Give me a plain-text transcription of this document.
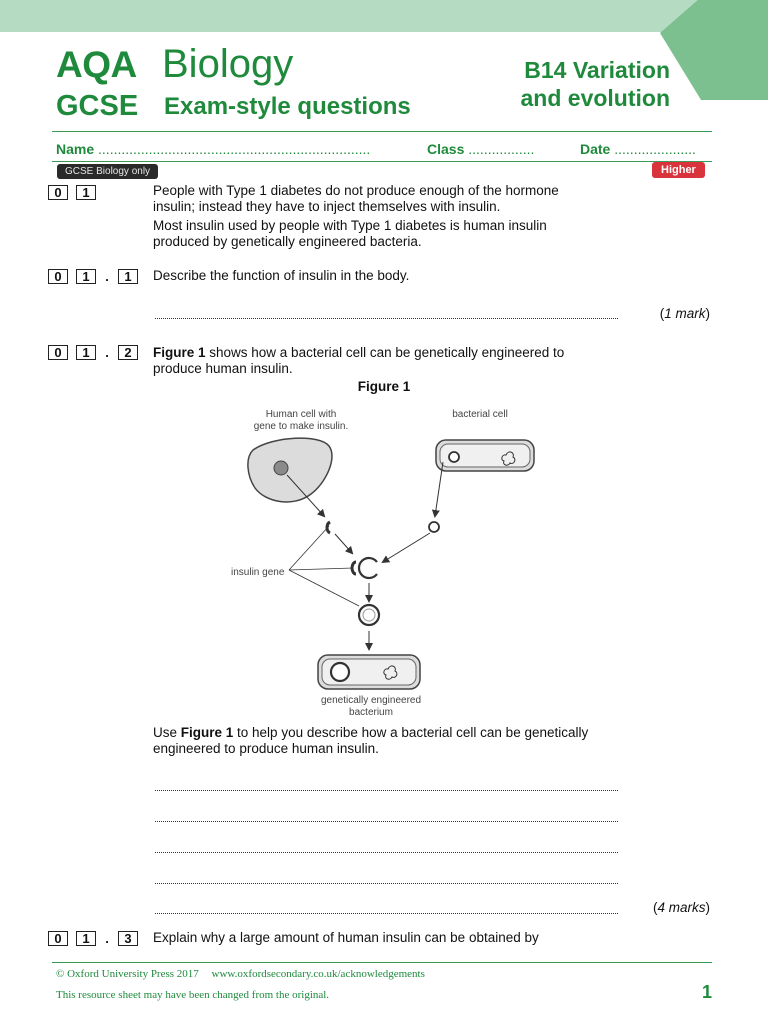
AQA Biology
GCSE Exam-style questions
B14 Variation
and evolution
Name ......................................................................	Class .................	Date .....................
GCSE Biology only	Higher
0	1	People with Type 1 diabetes do not produce enough of the hormone insulin; instead they have to inject themselves with insulin.
Most insulin used by people with Type 1 diabetes is human insulin produced by genetically engineered bacteria.
0	1	.	1	Describe the function of insulin in the body.
(1 mark)
0	1	.	2	Figure 1 shows how a bacterial cell can be genetically engineered to produce human insulin.
Figure 1
Human cell with
gene to make insulin.
bacterial cell
insulin gene
genetically engineered
bacterium
Use Figure 1 to help you describe how a bacterial cell can be genetically engineered to produce human insulin.
(4 marks)
0	1	.	3	Explain why a large amount of human insulin can be obtained by
© Oxford University Press 2017 www.oxfordsecondary.co.uk/acknowledgements
This resource sheet may have been changed from the original.	1
